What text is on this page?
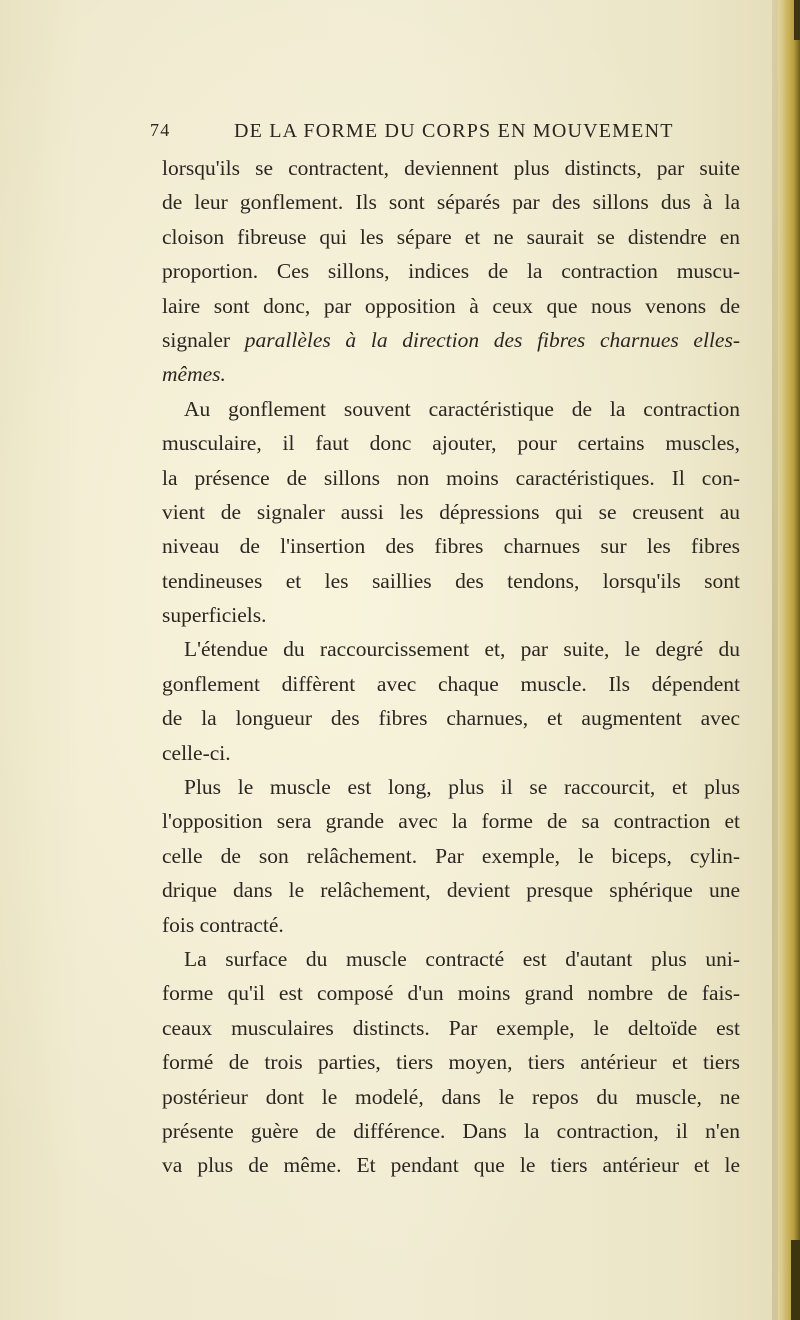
74	DE LA FORME DU CORPS EN MOUVEMENT
lorsqu'ils se contractent, deviennent plus distincts, par suite
de leur gonflement. Ils sont séparés par des sillons dus à la
cloison fibreuse qui les sépare et ne saurait se distendre en
proportion. Ces sillons, indices de la contraction muscu-
laire sont donc, par opposition à ceux que nous venons de
signaler parallèles à la direction des fibres charnues elles-
mêmes.
Au gonflement souvent caractéristique de la contraction
musculaire, il faut donc ajouter, pour certains muscles,
la présence de sillons non moins caractéristiques. Il con-
vient de signaler aussi les dépressions qui se creusent au
niveau de l'insertion des fibres charnues sur les fibres
tendineuses et les saillies des tendons, lorsqu'ils sont
superficiels.
L'étendue du raccourcissement et, par suite, le degré du
gonflement diffèrent avec chaque muscle. Ils dépendent
de la longueur des fibres charnues, et augmentent avec
celle-ci.
Plus le muscle est long, plus il se raccourcit, et plus
l'opposition sera grande avec la forme de sa contraction et
celle de son relâchement. Par exemple, le biceps, cylin-
drique dans le relâchement, devient presque sphérique une
fois contracté.
La surface du muscle contracté est d'autant plus uni-
forme qu'il est composé d'un moins grand nombre de fais-
ceaux musculaires distincts. Par exemple, le deltoïde est
formé de trois parties, tiers moyen, tiers antérieur et tiers
postérieur dont le modelé, dans le repos du muscle, ne
présente guère de différence. Dans la contraction, il n'en
va plus de même. Et pendant que le tiers antérieur et le
